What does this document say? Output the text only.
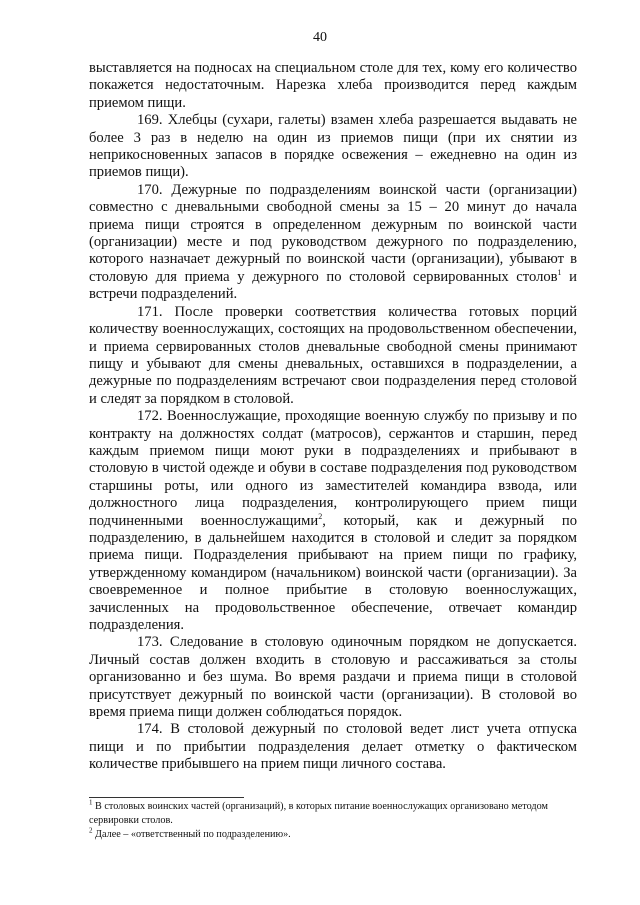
40

выставляется на подносах на специальном столе для тех, кому его количество покажется недостаточным. Нарезка хлеба производится перед каждым приемом пищи.

169. Хлебцы (сухари, галеты) взамен хлеба разрешается выдавать не более 3 раз в неделю на один из приемов пищи (при их снятии из неприкосновенных запасов в порядке освежения – ежедневно на один из приемов пищи).

170. Дежурные по подразделениям воинской части (организации) совместно с дневальными свободной смены за 15 – 20 минут до начала приема пищи строятся в определенном дежурным по воинской части (организации) месте и под руководством дежурного по подразделению, которого назначает дежурный по воинской части (организации), убывают в столовую для приема у дежурного по столовой сервированных столов$^1$ и встречи подразделений.

171. После проверки соответствия количества готовых порций количеству военнослужащих, состоящих на продовольственном обеспечении, и приема сервированных столов дневальные свободной смены принимают пищу и убывают для смены дневальных, оставшихся в подразделении, а дежурные по подразделениям встречают свои подразделения перед столовой и следят за порядком в столовой.

172. Военнослужащие, проходящие военную службу по призыву и по контракту на должностях солдат (матросов), сержантов и старшин, перед каждым приемом пищи моют руки в подразделениях и прибывают в столовую в чистой одежде и обуви в составе подразделения под руководством старшины роты, или одного из заместителей командира взвода, или должностного лица подразделения, контролирующего прием пищи подчиненными военнослужащими$^2$, который, как и дежурный по подразделению, в дальнейшем находится в столовой и следит за порядком приема пищи. Подразделения прибывают на прием пищи по графику, утвержденному командиром (начальником) воинской части (организации). За своевременное и полное прибытие в столовую военнослужащих, зачисленных на продовольственное обеспечение, отвечает командир подразделения.

173. Следование в столовую одиночным порядком не допускается. Личный состав должен входить в столовую и рассаживаться за столы организованно и без шума. Во время раздачи и приема пищи в столовой присутствует дежурный по воинской части (организации). В столовой во время приема пищи должен соблюдаться порядок.

174. В столовой дежурный по столовой ведет лист учета отпуска пищи и по прибытии подразделения делает отметку о фактическом количестве прибывшего на прием пищи личного состава.

$^1$ В столовых воинских частей (организаций), в которых питание военнослужащих организовано методом сервировки столов.

$^2$ Далее – «ответственный по подразделению».
